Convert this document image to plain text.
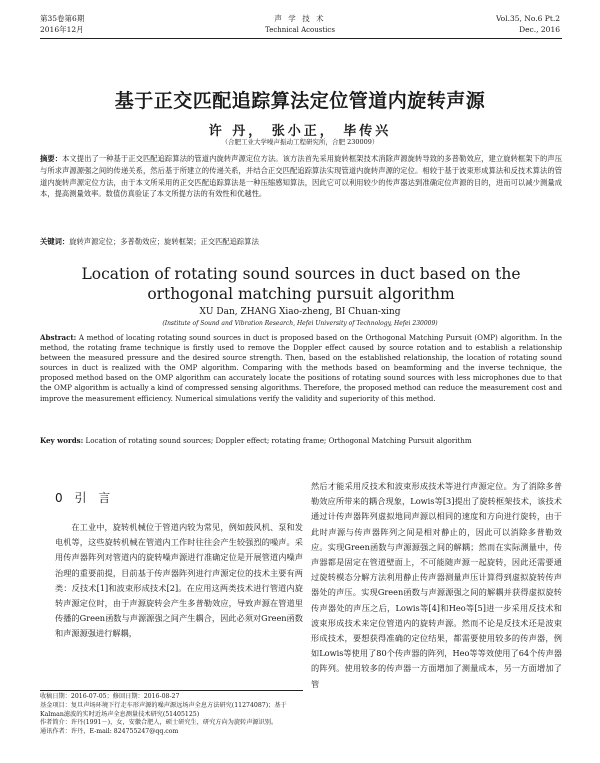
第35卷第6期
2016年12月
声 学 技 术
Technical Acoustics
Vol.35, No.6 Pt.2
Dec., 2016
基于正交匹配追踪算法定位管道内旋转声源
许 丹， 张小正， 毕传兴
（合肥工业大学噪声振动工程研究所，合肥 230009）
摘要：本文提出了一种基于正交匹配追踪算法的管道内旋转声源定位方法。该方法首先采用旋转框架技术消除声源旋转导致的多普勒效应，建立旋转框架下的声压与所求声源源强之间的传递关系，然后基于所建立的传递关系，并结合正交匹配追踪算法实现管道内旋转声源的定位。相较于基于波束形成算法和反技术算法的管道内旋转声源定位方法，由于本文所采用的正交匹配追踪算法是一种压缩感知算法，因此它可以利用较少的传声器达到准确定位声源的目的，进而可以减少测量成本，提高测量效率。数值仿真验证了本文所提方法的有效性和优越性。
关键词：旋转声源定位；多普勒效应；旋转框架；正交匹配追踪算法
Location of rotating sound sources in duct based on the
orthogonal matching pursuit algorithm
XU Dan, ZHANG Xiao-zheng, BI Chuan-xing
(Institute of Sound and Vibration Research, Hefei University of Technology, Hefei 230009)
Abstract: A method of locating rotating sound sources in duct is proposed based on the Orthogonal Matching Pursuit (OMP) algorithm. In the method, the rotating frame technique is firstly used to remove the Doppler effect caused by source rotation and to establish a relationship between the measured pressure and the desired source strength. Then, based on the established relationship, the location of rotating sound sources in duct is realized with the OMP algorithm. Comparing with the methods based on beamforming and the inverse technique, the proposed method based on the OMP algorithm can accurately locate the positions of rotating sound sources with less microphones due to that the OMP algorithm is actually a kind of compressed sensing algorithms. Therefore, the proposed method can reduce the measurement cost and improve the measurement efficiency. Numerical simulations verify the validity and superiority of this method.
Key words: Location of rotating sound sources; Doppler effect; rotating frame; Orthogonal Matching Pursuit algorithm
0 引 言

在工业中，旋转机械位于管道内较为常见，例如鼓风机、泵和发电机等，这些旋转机械在管道内工作时往往会产生较强烈的噪声。采用传声器阵列对管道内的旋转噪声源进行准确定位是开展管道内噪声治理的重要前提，目前基于传声器阵列进行声源定位的技术主要有两类：反技术[1]和波束形成技术[2]。在应用这两类技术进行管道内旋转声源定位时，由于声源旋转会产生多普勒效应，导致声源在管道里传播的Green函数与声源源强之间产生耦合，因此必须对Green函数和声源源强进行解耦，

收稿日期：2016-07-05；修回日期：2016-08-27

基金项目：复旦声场环境下行走车形声源的噪声源远场声全息方法研究(11274087)；基于Kalman滤波的实时近场声全息测量技术研究(51405125)

作者简介：许丹(1991－)，女，安徽合肥人，硕士研究生，研究方向为旋转声源识别。

通讯作者：许丹，E-mail: 824755247@qq.com

然后才能采用反技术和波束形成技术等进行声源定位。为了消除多普勒效应所带来的耦合现象，Lowis等[3]提出了旋转框架技术，该技术通过计传声器阵列虚拟地同声源以相同的速度和方向进行旋转，由于此时声源与传声器阵列之间是相对静止的，因此可以消除多普勒效应。实现Green函数与声源源强之间的解耦；然而在实际测量中，传声器都是固定在管道壁面上，不可能随声源一起旋转，因此还需要通过旋转模态分解方法利用静止传声器测量声压计算得到虚拟旋转传声器处的声压。实现Green函数与声源源强之间的解耦并获得虚拟旋转传声器处的声压之后，Lowis等[4]和Heo等[5]进一步采用反技术和波束形成技术来定位管道内的旋转声源。然而不论是反技术还是波束形成技术，要想获得准确的定位结果，都需要使用较多的传声器，例如Lowis等使用了80个传声器的阵列，Heo等等效使用了64个传声器的阵列。使用较多的传声器一方面增加了测量成本，另一方面增加了管
